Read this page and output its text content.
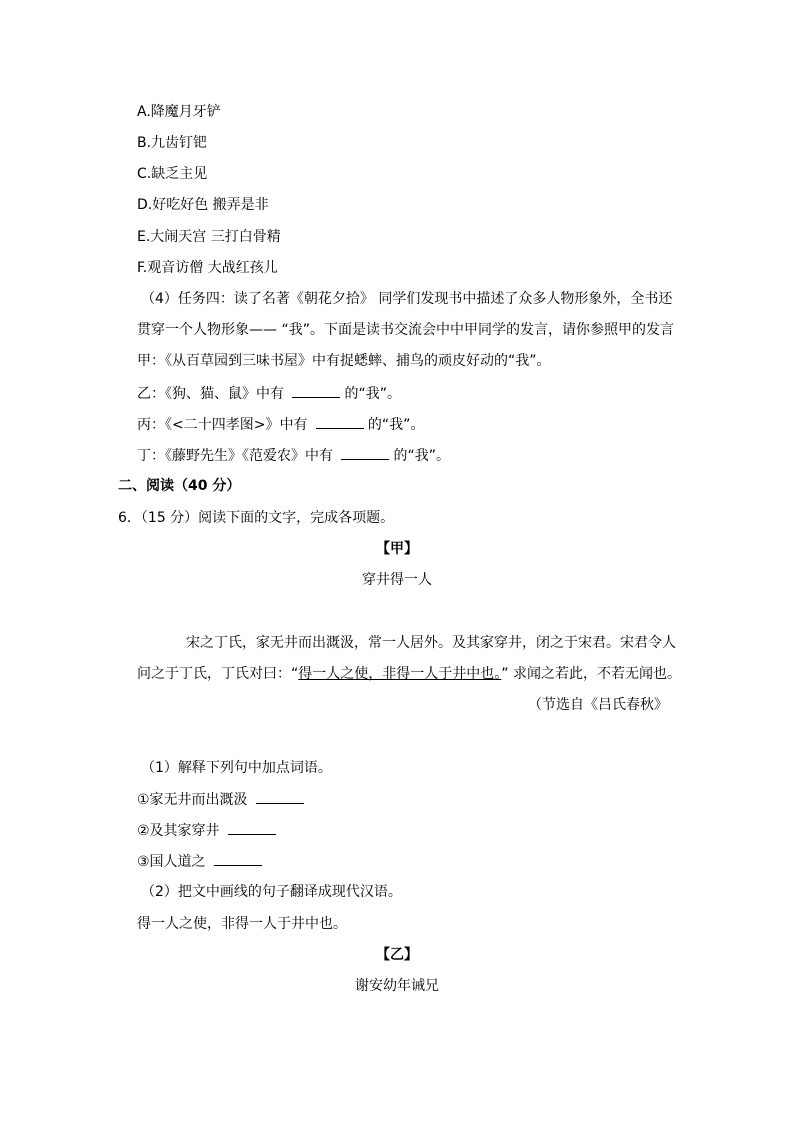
A.降魔月牙铲
B.九齿钉钯
C.缺乏主见
D.好吃好色 搬弄是非
E.大闹天宫 三打白骨精
F.观音访僧 大战红孩儿
（4）任务四：读了名著《朝花夕拾》 同学们发现书中描述了众多人物形象外，全书还
贯穿一个人物形象—— “我”。下面是读书交流会中中甲同学的发言，请你参照甲的发言
甲：《从百草园到三味书屋》中有捉蟋蟀、捕鸟的顽皮好动的“我”。
乙：《狗、猫、鼠》中有	的“我”。
丙：《<二十四孝图>》中有	的“我”。
丁：《藤野先生》《范爱农》中有	的“我”。
二、阅读（40 分）
6．（15 分）阅读下面的文字，完成各项题。
【甲】
穿井得一人
宋之丁氏，家无井而出溉汲，常一人居外。及其家穿井，闭之于宋君。宋君令人
问之于丁氏，丁氏对曰：“得一人之使，非得一人于井中也。” 求闻之若此，不若无闻也。
（节选自《吕氏春秋》
（1）解释下列句中加点词语。
①家无井而出溉汲
②及其家穿井
③国人道之
（2）把文中画线的句子翻译成现代汉语。
得一人之使，非得一人于井中也。
【乙】
谢安幼年诫兄
